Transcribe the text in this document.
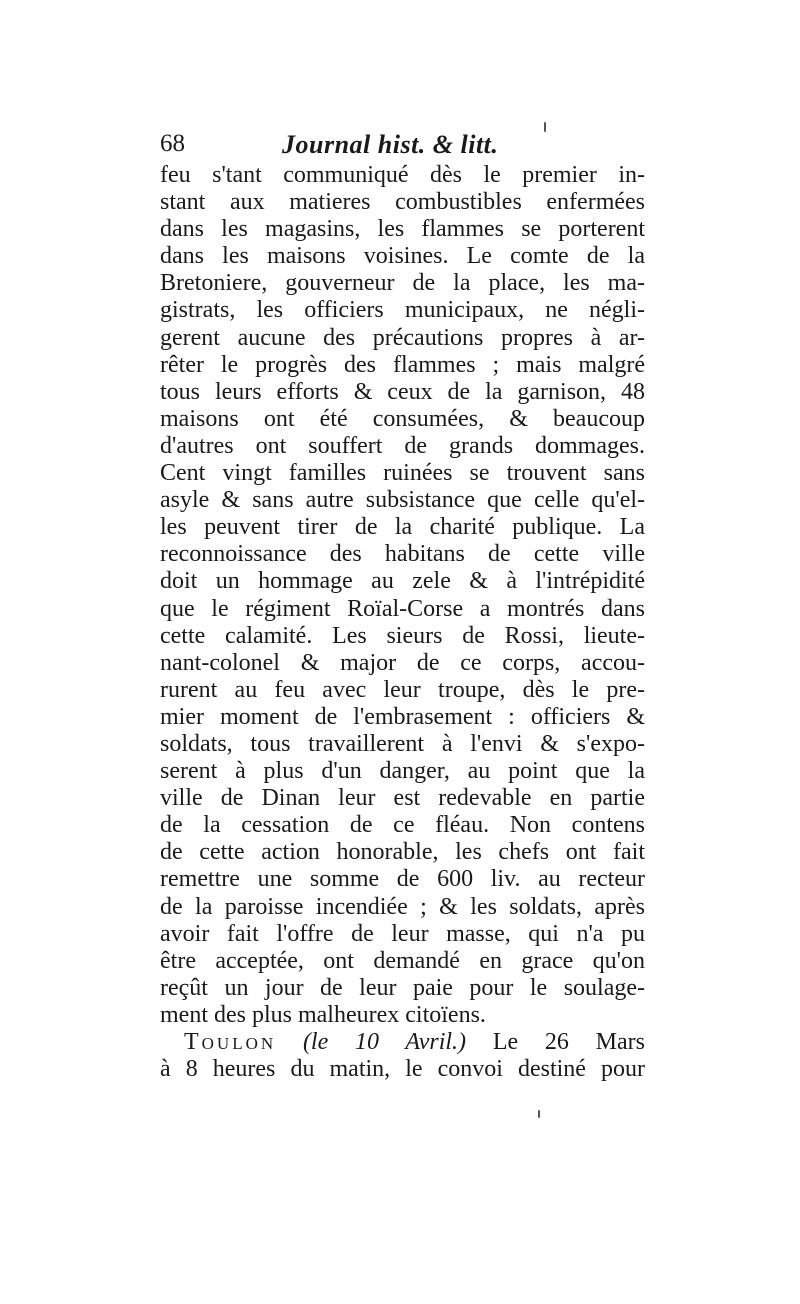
68	Journal hist. & litt.
feu s'tant communiqué dès le premier in-
stant aux matieres combustibles enfermées
dans les magasins, les flammes se porterent
dans les maisons voisines. Le comte de la
Bretoniere, gouverneur de la place, les ma-
gistrats, les officiers municipaux, ne négli-
gerent aucune des précautions propres à ar-
rêter le progrès des flammes ; mais malgré
tous leurs efforts & ceux de la garnison, 48
maisons ont été consumées, & beaucoup
d'autres ont souffert de grands dommages.
Cent vingt familles ruinées se trouvent sans
asyle & sans autre subsistance que celle qu'el-
les peuvent tirer de la charité publique. La
reconnoissance des habitans de cette ville
doit un hommage au zele & à l'intrépidité
que le régiment Roïal-Corse a montrés dans
cette calamité. Les sieurs de Rossi, lieute-
nant-colonel & major de ce corps, accou-
rurent au feu avec leur troupe, dès le pre-
mier moment de l'embrasement : officiers &
soldats, tous travaillerent à l'envi & s'expo-
serent à plus d'un danger, au point que la
ville de Dinan leur est redevable en partie
de la cessation de ce fléau. Non contens
de cette action honorable, les chefs ont fait
remettre une somme de 600 liv. au recteur
de la paroisse incendiée ; & les soldats, après
avoir fait l'offre de leur masse, qui n'a pu
être acceptée, ont demandé en grace qu'on
reçût un jour de leur paie pour le soulage-
ment des plus malheurex citoïens.
Toulon (le 10 Avril.) Le 26 Mars
à 8 heures du matin, le convoi destiné pour
